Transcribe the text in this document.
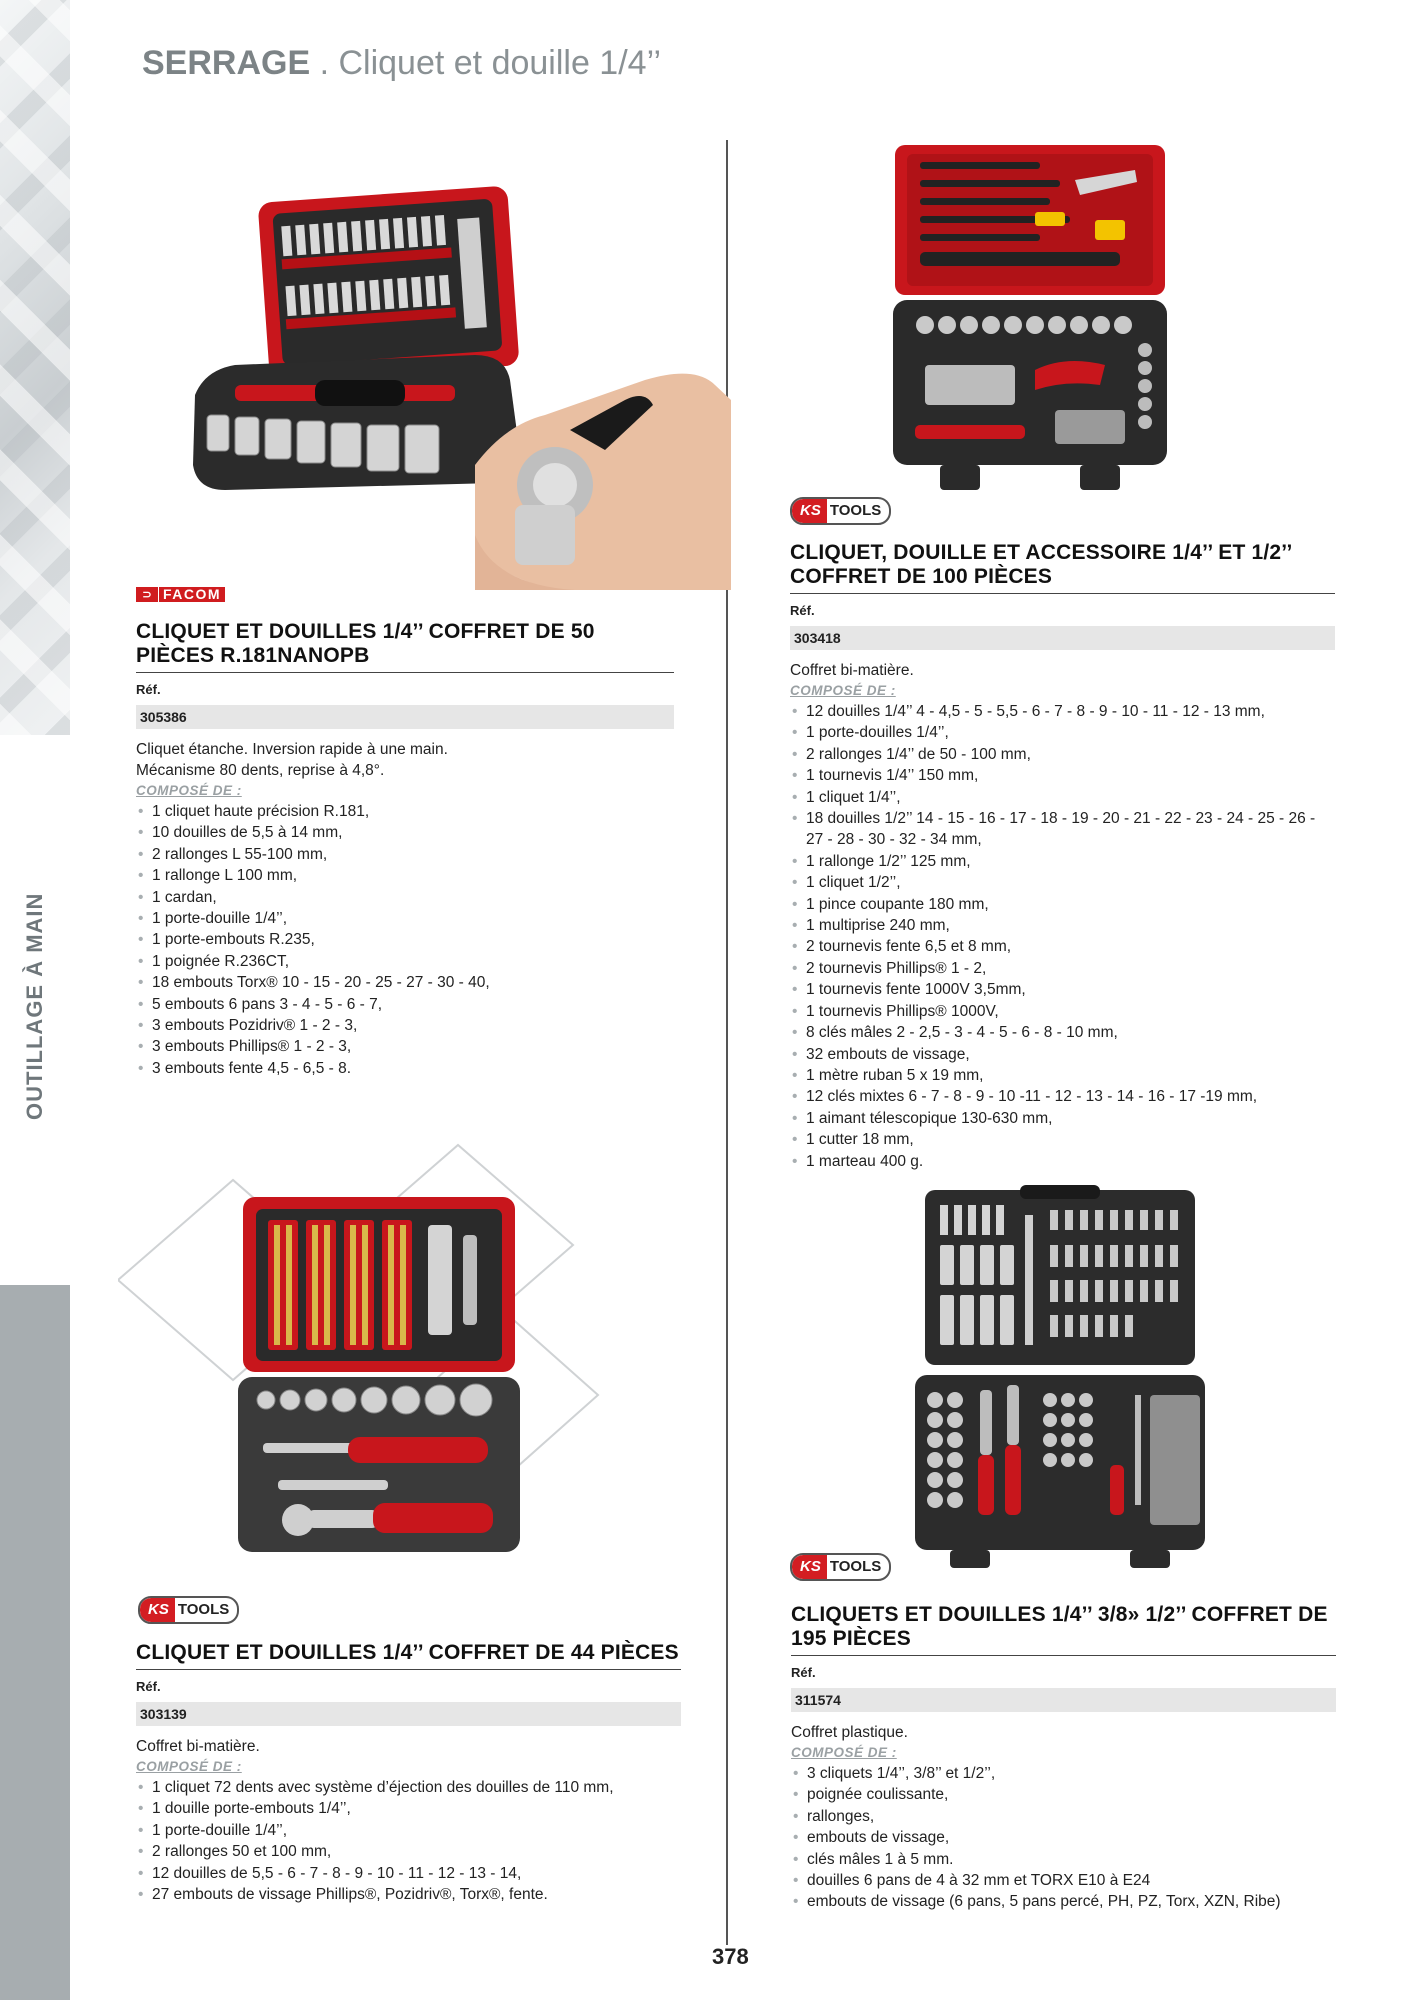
OUTILLAGE À MAIN
SERRAGE . Cliquet et douille 1/4’’
⊃ FACOM
CLIQUET ET DOUILLES 1/4’’ COFFRET DE 50 PIÈCES R.181NANOPB
Réf.
305386
Cliquet étanche. Inversion rapide à une main.
Mécanisme 80 dents, reprise à 4,8°.
COMPOSÉ DE :
• 1 cliquet haute précision R.181,
• 10 douilles de 5,5 à 14 mm,
• 2 rallonges L 55-100 mm,
• 1 rallonge L 100 mm,
• 1 cardan,
• 1 porte-douille 1/4’’,
• 1 porte-embouts R.235,
• 1 poignée R.236CT,
• 18 embouts Torx® 10 - 15 - 20 - 25 - 27 - 30 - 40,
• 5 embouts 6 pans 3 - 4 - 5 - 6 - 7,
• 3 embouts Pozidriv® 1 - 2 - 3,
• 3 embouts Phillips® 1 - 2 - 3,
• 3 embouts fente 4,5 - 6,5 - 8.
KS TOOLS
CLIQUET, DOUILLE ET ACCESSOIRE 1/4’’ ET 1/2’’ COFFRET DE 100 PIÈCES
Réf.
303418
Coffret bi-matière.
COMPOSÉ DE :
• 12 douilles 1/4’’ 4 - 4,5 - 5 - 5,5 - 6 - 7 - 8 - 9 - 10 - 11 - 12 - 13 mm,
• 1 porte-douilles 1/4’’,
• 2 rallonges 1/4’’ de 50 - 100 mm,
• 1 tournevis 1/4’’ 150 mm,
• 1 cliquet 1/4’’,
• 18 douilles 1/2’’ 14 - 15 - 16 - 17 - 18 - 19 - 20 - 21 - 22 - 23 - 24 - 25 - 26 - 27 - 28 - 30 - 32 - 34 mm,
• 1 rallonge 1/2’’ 125 mm,
• 1 cliquet 1/2’’,
• 1 pince coupante 180 mm,
• 1 multiprise 240 mm,
• 2 tournevis fente 6,5 et 8 mm,
• 2 tournevis Phillips® 1 - 2,
• 1 tournevis fente 1000V 3,5mm,
• 1 tournevis Phillips® 1000V,
• 8 clés mâles 2 - 2,5 - 3 - 4 - 5 - 6 - 8 - 10 mm,
• 32 embouts de vissage,
• 1 mètre ruban 5 x 19 mm,
• 12 clés mixtes 6 - 7 - 8 - 9 - 10 -11 - 12 - 13 - 14 - 16 - 17 -19 mm,
• 1 aimant télescopique 130-630 mm,
• 1 cutter 18 mm,
• 1 marteau 400 g.
KS TOOLS
CLIQUET ET DOUILLES 1/4’’ COFFRET DE 44 PIÈCES
Réf.
303139
Coffret bi-matière.
COMPOSÉ DE :
• 1 cliquet 72 dents avec système d’éjection des douilles de 110 mm,
• 1 douille porte-embouts 1/4’’,
• 1 porte-douille 1/4’’,
• 2 rallonges 50 et 100 mm,
• 12 douilles de 5,5 - 6 - 7 - 8 - 9 - 10 - 11 - 12 - 13 - 14,
• 27 embouts de vissage Phillips®, Pozidriv®, Torx®, fente.
KS TOOLS
CLIQUETS ET DOUILLES 1/4’’ 3/8» 1/2’’ COFFRET DE 195 PIÈCES
Réf.
311574
Coffret plastique.
COMPOSÉ DE :
• 3 cliquets 1/4’’, 3/8’’ et 1/2’’,
• poignée coulissante,
• rallonges,
• embouts de vissage,
• clés mâles 1 à 5 mm.
• douilles 6 pans de 4 à 32 mm et TORX E10 à E24
• embouts de vissage (6 pans, 5 pans percé, PH, PZ, Torx, XZN, Ribe)
378
